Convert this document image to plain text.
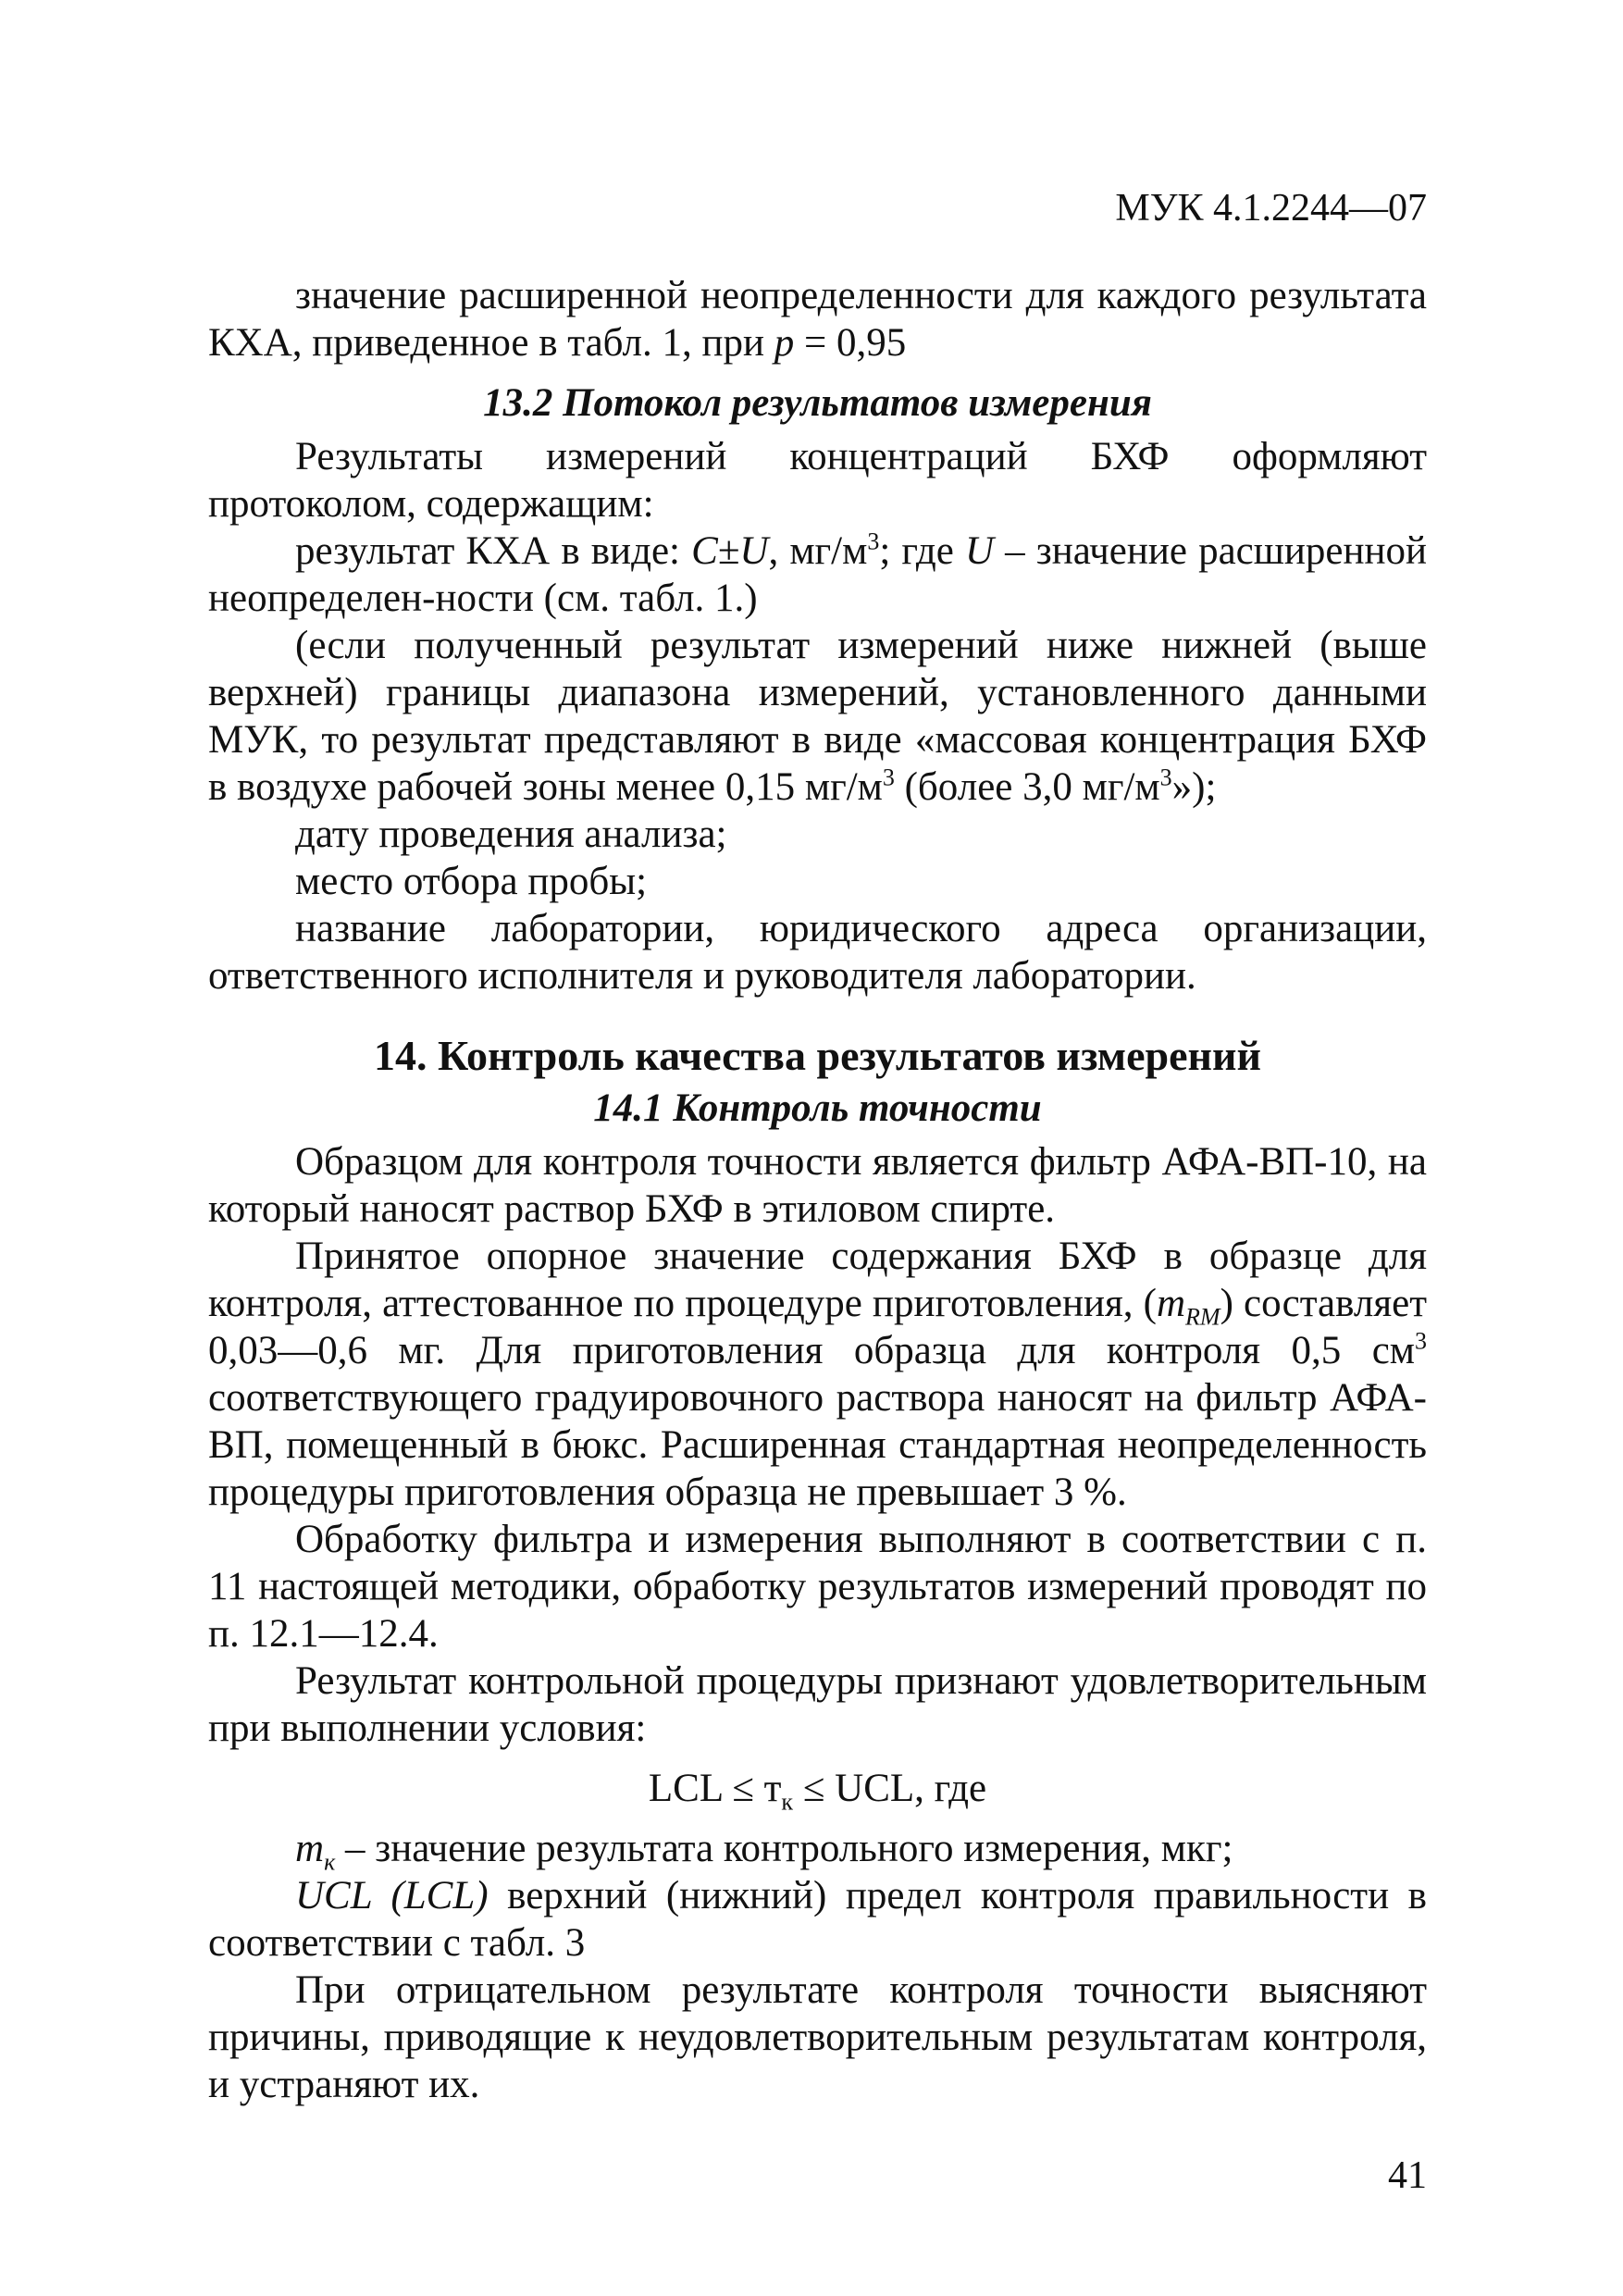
МУК 4.1.2244—07

значение расширенной неопределенности для каждого результата КХА, приведенное в табл. 1, при p = 0,95

13.2 Потокол результатов измерения

Результаты измерений концентраций БХФ оформляют протоколом, содержащим:

результат КХА в виде: C±U, $мг/м^3$; где U – значение расширенной неопределен-ности (см. табл. 1.)

(если полученный результат измерений ниже нижней (выше верхней) границы диапазона измерений, установленного данными МУК, то результат представляют в виде «массовая концентрация БХФ в воздухе рабочей зоны менее 0,15 $мг/м^3$ (более 3,0 $мг/м^3$»);

дату проведения анализа;

место отбора пробы;

название лаборатории, юридического адреса организации, ответственного исполнителя и руководителя лаборатории.

14. Контроль качества результатов измерений

14.1 Контроль точности

Образцом для контроля точности является фильтр АФА-ВП-10, на который наносят раствор БХФ в этиловом спирте.

Принятое опорное значение содержания БХФ в образце для контроля, аттестованное по процедуре приготовления, $(m_{RM})$ составляет 0,03—0,6 мг. Для приготовления образца для контроля 0,5 $см^3$ соответствующего градуировочного раствора наносят на фильтр АФА-ВП, помещенный в бюкс. Расширенная стандартная неопределенность процедуры приготовления образца не превышает 3 %.

Обработку фильтра и измерения выполняют в соответствии с п. 11 настоящей методики, обработку результатов измерений проводят по п. 12.1—12.4.

Результат контрольной процедуры признают удовлетворительным при выполнении условия:

LCL ≤ $т_к$ ≤ UCL, где

$т_к$ – значение результата контрольного измерения, мкг;

UCL (LCL) верхний (нижний) предел контроля правильности в соответствии с табл. 3

При отрицательном результате контроля точности выясняют причины, приводящие к неудовлетворительным результатам контроля, и устраняют их.

41
